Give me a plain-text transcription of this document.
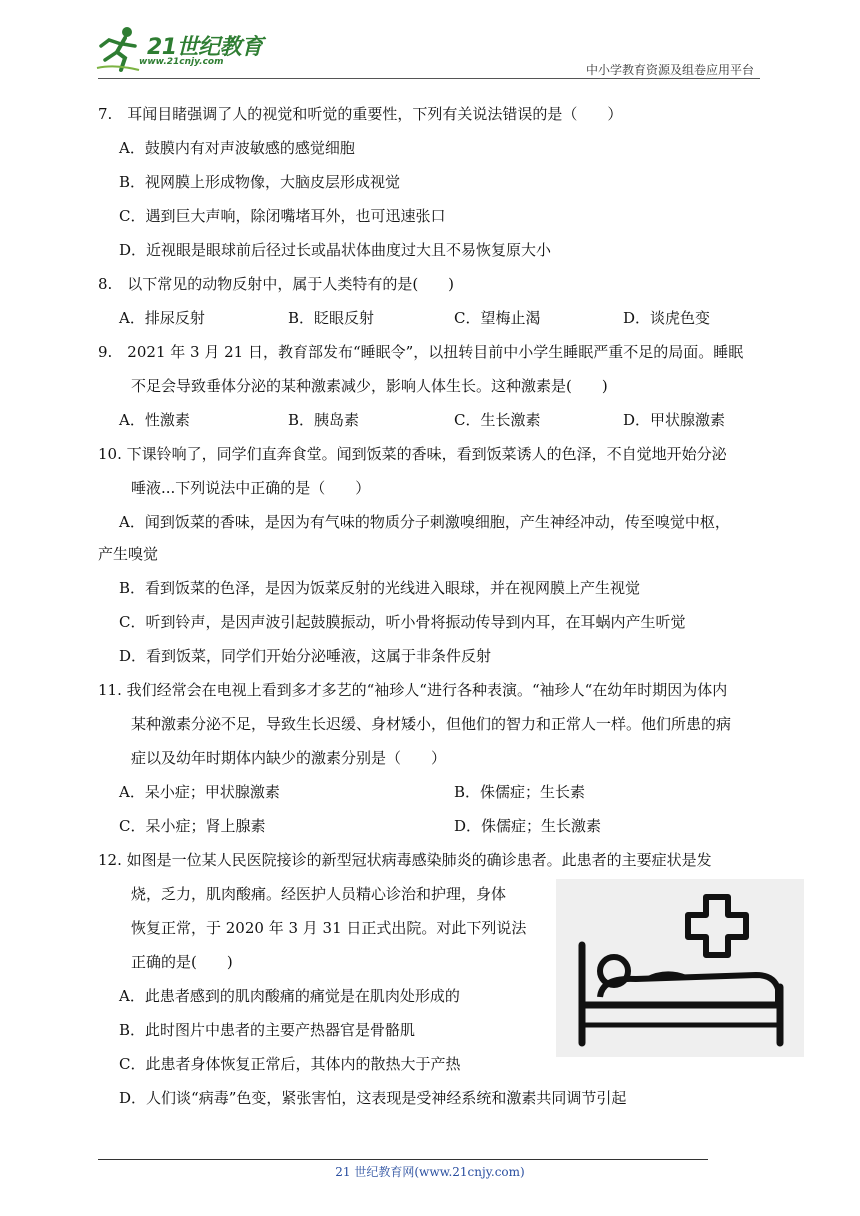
21世纪教育
www.21cnjy.com
中小学教育资源及组卷应用平台
7.　耳闻目睹强调了人的视觉和听觉的重要性，下列有关说法错误的是（　　）
A．鼓膜内有对声波敏感的感觉细胞
B．视网膜上形成物像，大脑皮层形成视觉
C．遇到巨大声响，除闭嘴堵耳外，也可迅速张口
D．近视眼是眼球前后径过长或晶状体曲度过大且不易恢复原大小
8.　以下常见的动物反射中，属于人类特有的是(　　)
A．排尿反射	B．眨眼反射	C．望梅止渴	D．谈虎色变
9.　2021 年 3 月 21 日，教育部发布“睡眠令”，以扭转目前中小学生睡眠严重不足的局面。睡眠
不足会导致垂体分泌的某种激素减少，影响人体生长。这种激素是(　　)
A．性激素	B．胰岛素	C．生长激素	D．甲状腺激素
10. 下课铃响了，同学们直奔食堂。闻到饭菜的香味，看到饭菜诱人的色泽，不自觉地开始分泌
唾液...下列说法中正确的是（　　）
A．闻到饭菜的香味，是因为有气味的物质分子刺激嗅细胞，产生神经冲动，传至嗅觉中枢，
产生嗅觉
B．看到饭菜的色泽，是因为饭菜反射的光线进入眼球，并在视网膜上产生视觉
C．听到铃声，是因声波引起鼓膜振动，听小骨将振动传导到内耳，在耳蜗内产生听觉
D．看到饭菜，同学们开始分泌唾液，这属于非条件反射
11. 我们经常会在电视上看到多才多艺的“袖珍人“进行各种表演。“袖珍人“在幼年时期因为体内
某种激素分泌不足，导致生长迟缓、身材矮小，但他们的智力和正常人一样。他们所患的病
症以及幼年时期体内缺少的激素分别是（　　）
A．呆小症；甲状腺激素	B．侏儒症；生长素
C．呆小症；肾上腺素	D．侏儒症；生长激素
12. 如图是一位某人民医院接诊的新型冠状病毒感染肺炎的确诊患者。此患者的主要症状是发
烧，乏力，肌肉酸痛。经医护人员精心诊治和护理，身体
恢复正常，于 2020 年 3 月 31 日正式出院。对此下列说法
正确的是(　　)
A．此患者感到的肌肉酸痛的痛觉是在肌肉处形成的
B．此时图片中患者的主要产热器官是骨骼肌
C．此患者身体恢复正常后，其体内的散热大于产热
D．人们谈“病毒”色变，紧张害怕，这表现是受神经系统和激素共同调节引起
21 世纪教育网(www.21cnjy.com)
